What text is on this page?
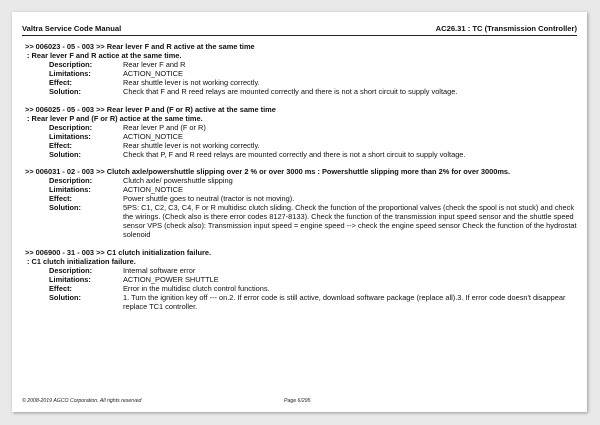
Valtra Service Code Manual	AC26.31 : TC (Transmission Controller)
>> 006023 - 05 - 003 >> Rear lever F and R active at the same time
: Rear lever F and R actice at the same time.
Description:	Rear lever F and R
Limitations:	ACTION_NOTICE
Effect:	Rear shuttle lever is not working correctly.
Solution:	Check that F and R reed relays are mounted correctly and there is not a short circuit to supply voltage.
>> 006025 - 05 - 003 >> Rear lever P and (F or R) active at the same time
: Rear lever P and (F or R) actice at the same time.
Description:	Rear lever P and (F or R)
Limitations:	ACTION_NOTICE
Effect:	Rear shuttle lever is not working correctly.
Solution:	Check that P, F and R reed relays are mounted correctly and there is not a short circuit to supply voltage.
>> 006031 - 02 - 003 >> Clutch axle/powershuttle slipping over 2 % or over 3000 ms : Powershuttle slipping more than 2% for over 3000ms.
Description:	Clutch axle/ powershuttle slipping
Limitations:	ACTION_NOTICE
Effect:	Power shuttle goes to neutral (tractor is not moving).
Solution:	5PS: C1, C2, C3, C4, F or R multidisc clutch sliding. Check the function of the proportional valves (check the spool is not stuck) and check the wirings. (Check also is there error codes 8127-8133). Check the function of the transmission input speed sensor and the shuttle speed sensor VPS (check also): Transmission input speed = engine speed --> check the engine speed sensor Check the function of the hydrostat solenoid
>> 006900 - 31 - 003 >> C1 clutch initialization failure.
: C1 clutch initialization failure.
Description:	Internal software error
Limitations:	ACTION_POWER SHUTTLE
Effect:	Error in the multidisc clutch control functions.
Solution:	1. Turn the ignition key off --- on.2. If error code is still active, download software package (replace all).3. If error code doesn't disappear replace TC1 controller.
© 2008-2019 AGCO Corporation. All rights reserved	Page 6/295
